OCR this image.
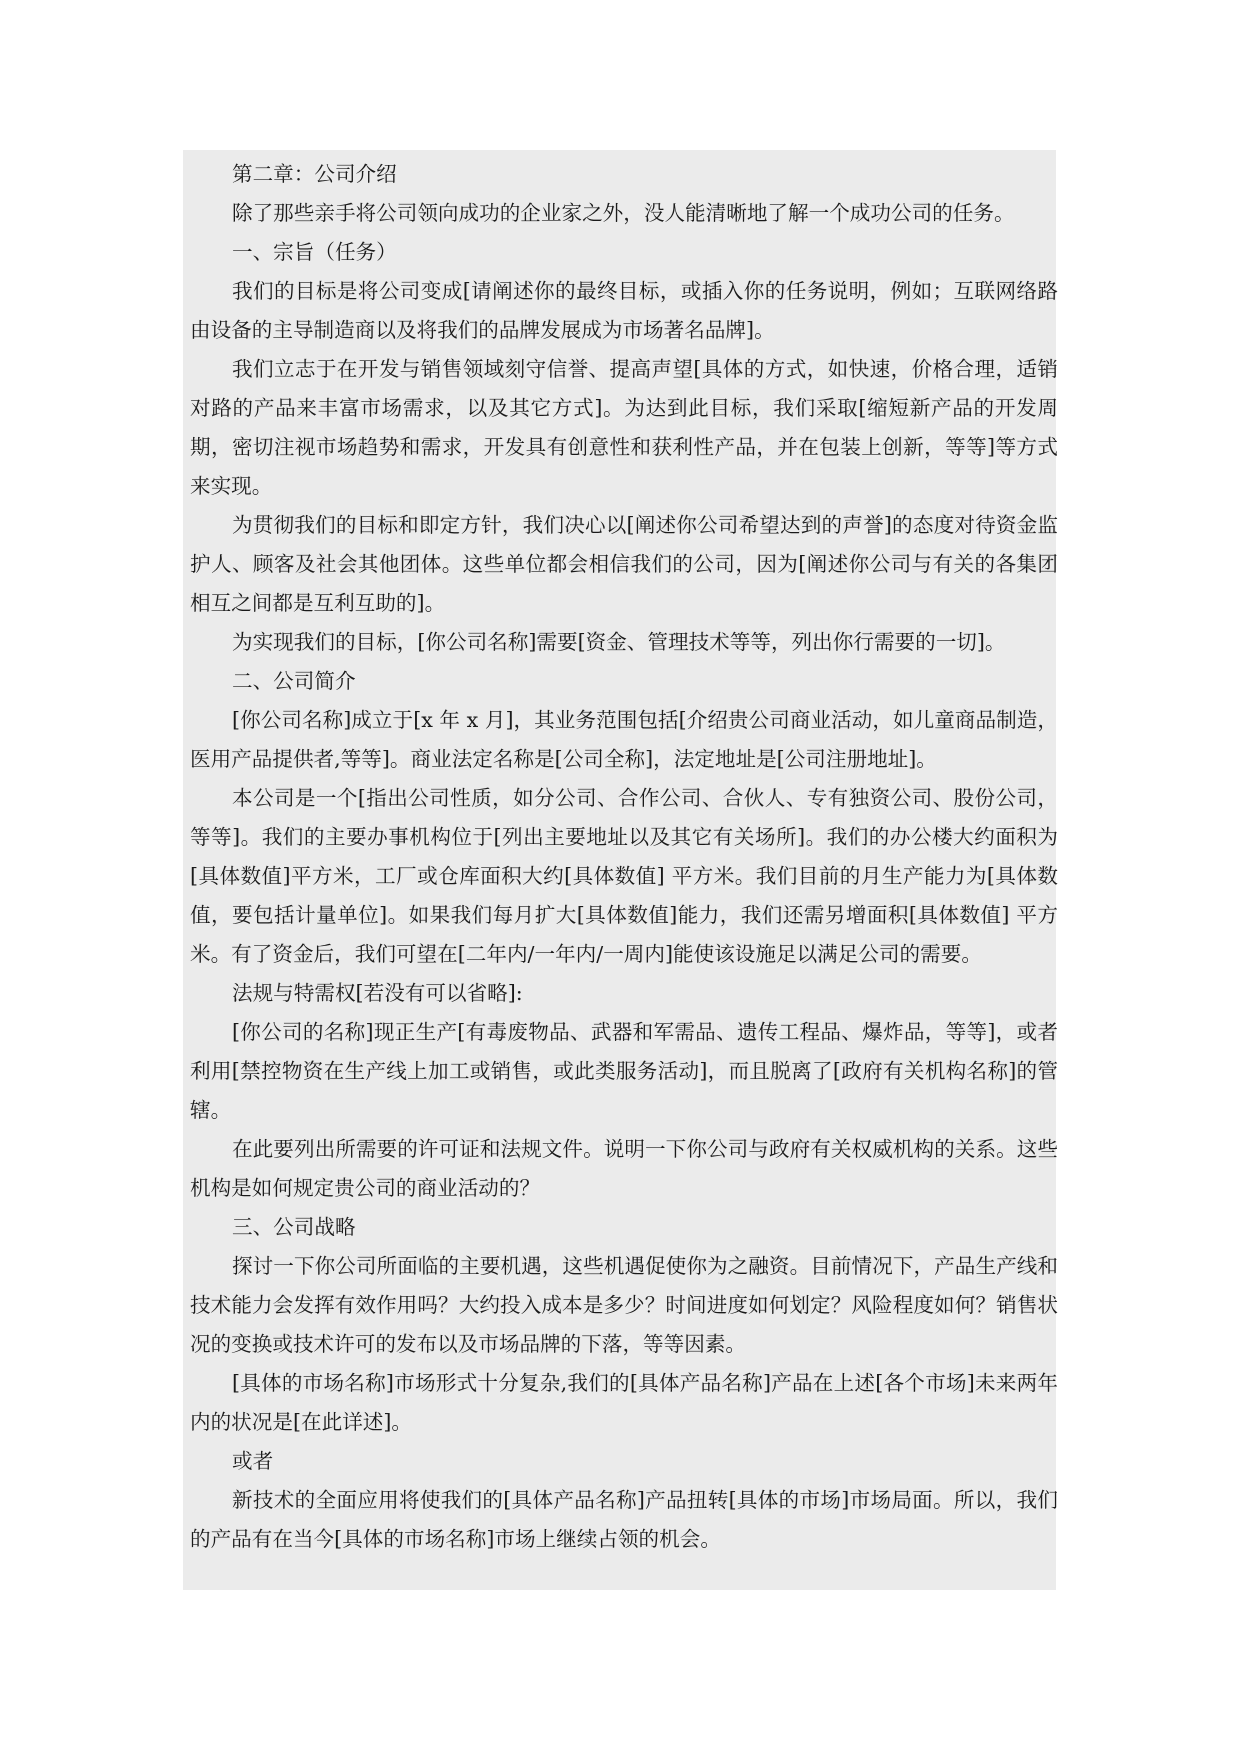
第二章：公司介绍

除了那些亲手将公司领向成功的企业家之外，没人能清晰地了解一个成功公司的任务。

一、宗旨（任务）

我们的目标是将公司变成[请阐述你的最终目标，或插入你的任务说明，例如；互联网络路由设备的主导制造商以及将我们的品牌发展成为市场著名品牌]。

我们立志于在开发与销售领域刻守信誉、提高声望[具体的方式，如快速，价格合理，适销对路的产品来丰富市场需求，以及其它方式]。为达到此目标，我们采取[缩短新产品的开发周期，密切注视市场趋势和需求，开发具有创意性和获利性产品，并在包装上创新，等等]等方式来实现。

为贯彻我们的目标和即定方针，我们决心以[阐述你公司希望达到的声誉]的态度对待资金监护人、顾客及社会其他团体。这些单位都会相信我们的公司，因为[阐述你公司与有关的各集团相互之间都是互利互助的]。

为实现我们的目标，[你公司名称]需要[资金、管理技术等等，列出你行需要的一切]。

二、公司简介

[你公司名称]成立于[x 年 x 月]，其业务范围包括[介绍贵公司商业活动，如儿童商品制造，医用产品提供者,等等]。商业法定名称是[公司全称]，法定地址是[公司注册地址]。

本公司是一个[指出公司性质，如分公司、合作公司、合伙人、专有独资公司、股份公司，等等]。我们的主要办事机构位于[列出主要地址以及其它有关场所]。我们的办公楼大约面积为[具体数值]平方米，工厂或仓库面积大约[具体数值] 平方米。我们目前的月生产能力为[具体数值，要包括计量单位]。如果我们每月扩大[具体数值]能力，我们还需另增面积[具体数值] 平方米。有了资金后，我们可望在[二年内/一年内/一周内]能使该设施足以满足公司的需要。

法规与特需权[若没有可以省略]:

[你公司的名称]现正生产[有毒废物品、武器和军需品、遗传工程品、爆炸品，等等]，或者利用[禁控物资在生产线上加工或销售，或此类服务活动]，而且脱离了[政府有关机构名称]的管辖。

在此要列出所需要的许可证和法规文件。说明一下你公司与政府有关权威机构的关系。这些机构是如何规定贵公司的商业活动的？

三、公司战略

探讨一下你公司所面临的主要机遇，这些机遇促使你为之融资。目前情况下，产品生产线和技术能力会发挥有效作用吗？大约投入成本是多少？时间进度如何划定？风险程度如何？销售状况的变换或技术许可的发布以及市场品牌的下落，等等因素。

[具体的市场名称]市场形式十分复杂,我们的[具体产品名称]产品在上述[各个市场]未来两年内的状况是[在此详述]。

或者

新技术的全面应用将使我们的[具体产品名称]产品扭转[具体的市场]市场局面。所以，我们的产品有在当今[具体的市场名称]市场上继续占领的机会。
